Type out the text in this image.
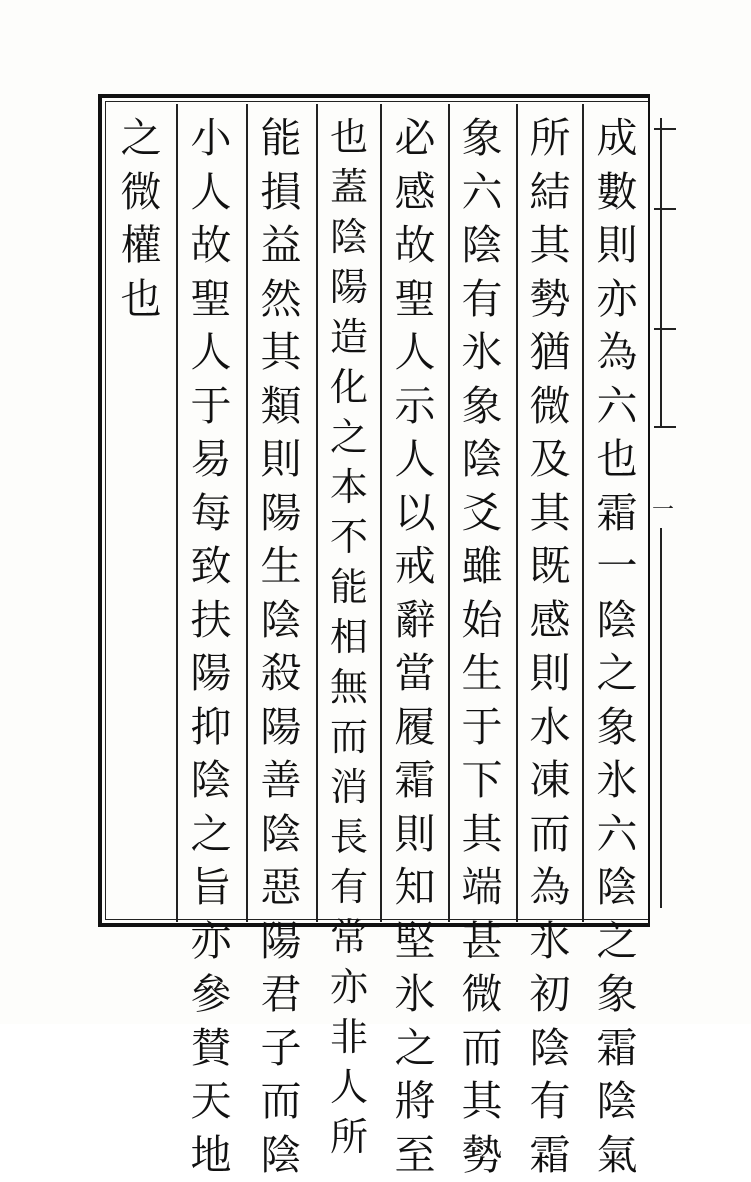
成
數
則
亦
為
六
也
霜
一
陰
之
象
氷
六
陰
之
象
霜
陰
氣
所
結
其
勢
猶
微
及
其
既
感
則
水
凍
而
為
氷
初
陰
有
霜
象
六
陰
有
氷
象
陰
爻
雖
始
生
于
下
其
端
甚
微
而
其
勢
必
感
故
聖
人
示
人
以
戒
辭
當
履
霜
則
知
堅
氷
之
將
至
也
蓋
陰
陽
造
化
之
本
不
能
相
無
而
消
長
有
常
亦
非
人
所
能
損
益
然
其
類
則
陽
生
陰
殺
陽
善
陰
惡
陽
君
子
而
陰
小
人
故
聖
人
于
易
每
致
扶
陽
抑
陰
之
旨
亦
參
賛
天
地
之
微
權
也
一
